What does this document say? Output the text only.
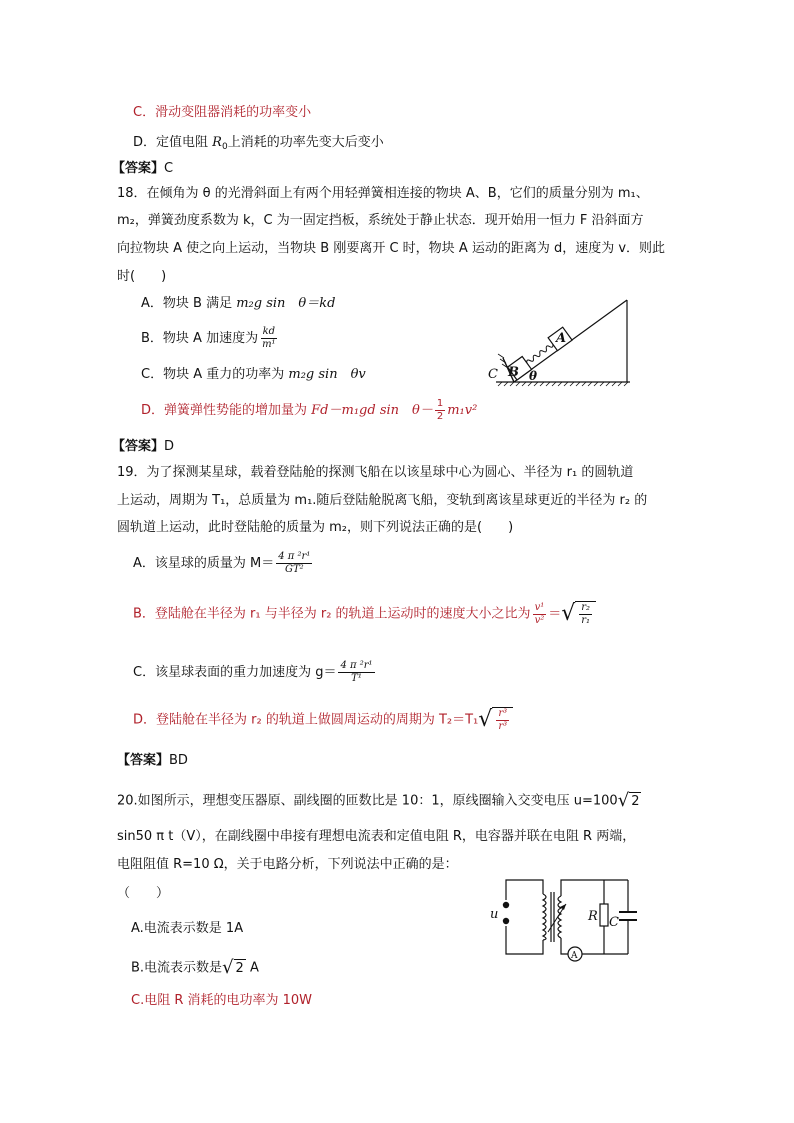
C．滑动变阻器消耗的功率变小
D．定值电阻 $R_0$上消耗的功率先变大后变小
【答案】C
18．在倾角为 θ 的光滑斜面上有两个用轻弹簧相连接的物块 A、B，它们的质量分别为 m₁、
m₂，弹簧劲度系数为 k，C 为一固定挡板，系统处于静止状态．现开始用一恒力 F 沿斜面方
向拉物块 A 使之向上运动，当物块 B 刚要离开 C 时，物块 A 运动的距离为 d，速度为 v．则此
时(　　)
A．物块 B 满足 m₂g sin　θ＝kd
B．物块 A 加速度为 $\frac{kd}{\text{m¹}}$
C．物块 A 重力的功率为 m₂g sin　θv
D．弹簧弹性势能的增加量为 Fd－m₁gd sin　$\theta- \frac{1}{2} m_1v^2$
C B
A
θ
【答案】D
19．为了探测某星球，载着登陆舱的探测飞船在以该星球中心为圆心、半径为 r₁ 的圆轨道
上运动，周期为 T₁，总质量为 m₁.随后登陆舱脱离飞船，变轨到离该星球更近的半径为 r₂ 的
圆轨道上运动，此时登陆舱的质量为 m₂，则下列说法正确的是(　　)
A．该星球的质量为 $M= \frac{\text{4 π ²r¹}}{\text{GT²}}$
B．登陆舱在半径为 r₁ 与半径为 r₂ 的轨道上运动时的速度大小之比为 $\frac{\text{v¹}}{\text{v²}}$ ＝ √ $\frac{\text{r₂}}{\text{r₁}}$
C．该星球表面的重力加速度为 $g= \frac{\text{4 π ²r¹}}{\text{T¹}}$
D．登陆舱在半径为 r₂ 的轨道上做圆周运动的周期为 T₂＝T₁ √ $\frac{\text{r³}}{\text{r³}}$
【答案】BD
20.如图所示，理想变压器原、副线圈的匝数比是 10：1，原线圈输入交变电压 u=100 √ 2
sin50 π t（V），在副线圈中串接有理想电流表和定值电阻 R，电容器并联在电阻 R 两端，
电阻阻值 R=10 Ω，关于电路分析，下列说法中正确的是：
（　　）
A.电流表示数是 1A
B.电流表示数是 √ 2 A
C.电阻 R 消耗的电功率为 10W
u	R C
A
